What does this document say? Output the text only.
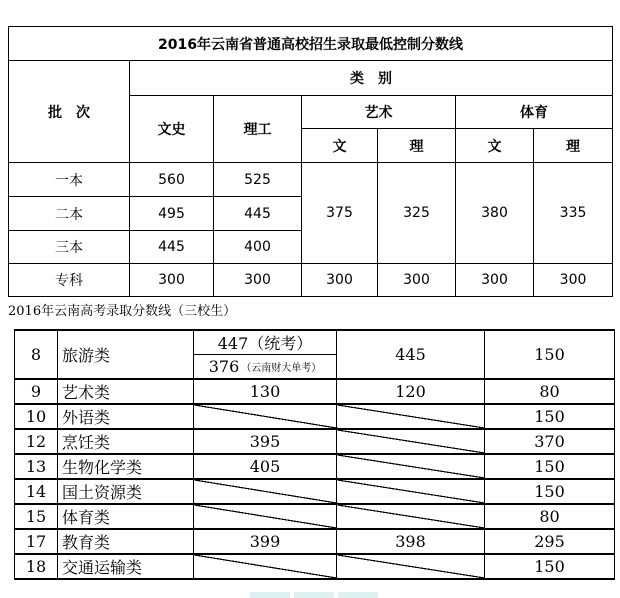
2016年云南省普通高校招生录取最低控制分数线						
批　次	类　别					
	文史	理工	艺术		体育	
			文	理	文	理
一本	560	525	375	325	380	335
二本	495	445				
三本	445	400				
专科	300	300	300	300	300	300
2016年云南高考录取分数线（三校生）
8	旅游类	447（统考）
376 （云南财大单考）	445	150
9	艺术类	130	120	80
10	外语类			150
12	烹饪类	395		370
13	生物化学类	405		150
14	国土资源类			150
15	体育类			80
17	教育类	399	398	295
18	交通运输类			150
